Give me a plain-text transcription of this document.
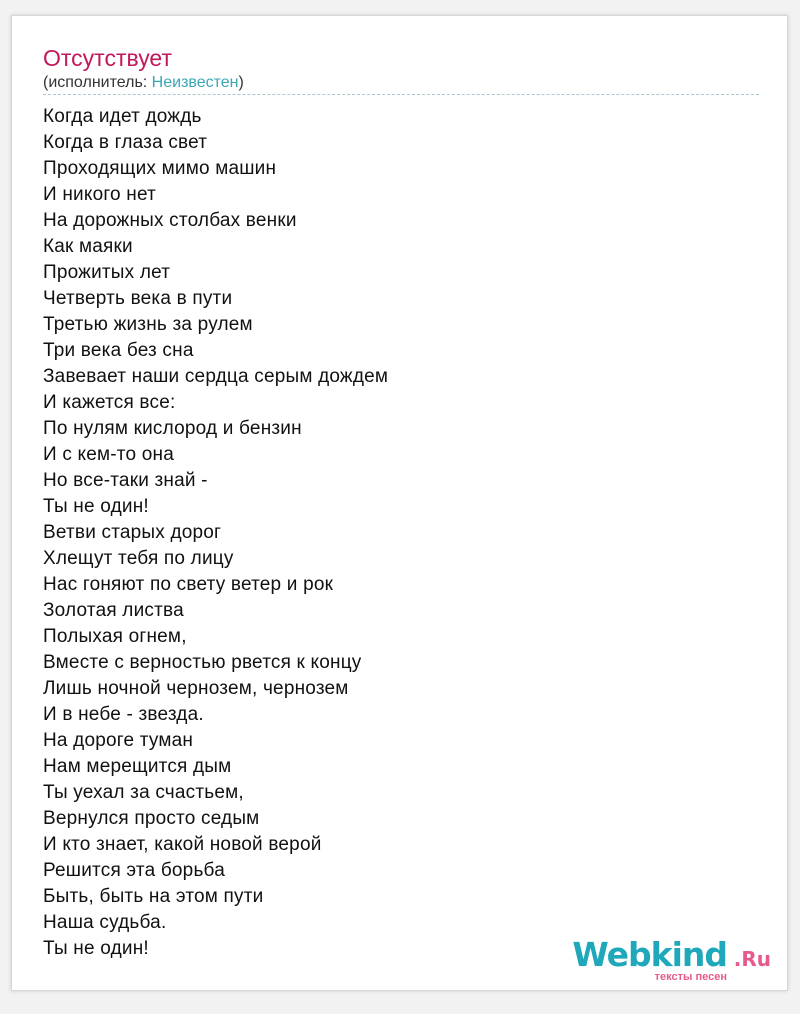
Отсутствует
(исполнитель: Неизвестен)
Когда идет дождь
Когда в глаза свет
Проходящих мимо машин
И никого нет
На дорожных столбах венки
Как маяки
Прожитых лет
Четверть века в пути
Третью жизнь за рулем
Три века без сна
Завевает наши сердца серым дождем
И кажется все:
По нулям кислород и бензин
И с кем-то она
Но все-таки знай -
Ты не один!
Ветви старых дорог
Хлещут тебя по лицу
Нас гоняют по свету ветер и рок
Золотая листва
Полыхая огнем,
Вместе с верностью рвется к концу
Лишь ночной чернозем, чернозем
И в небе - звезда.
На дороге туман
Нам мерещится дым
Ты уехал за счастьем,
Вернулся просто седым
И кто знает, какой новой верой
Решится эта борьба
Быть, быть на этом пути
Наша судьба.
Ты не один!	Webkind .Ru
тексты песен
